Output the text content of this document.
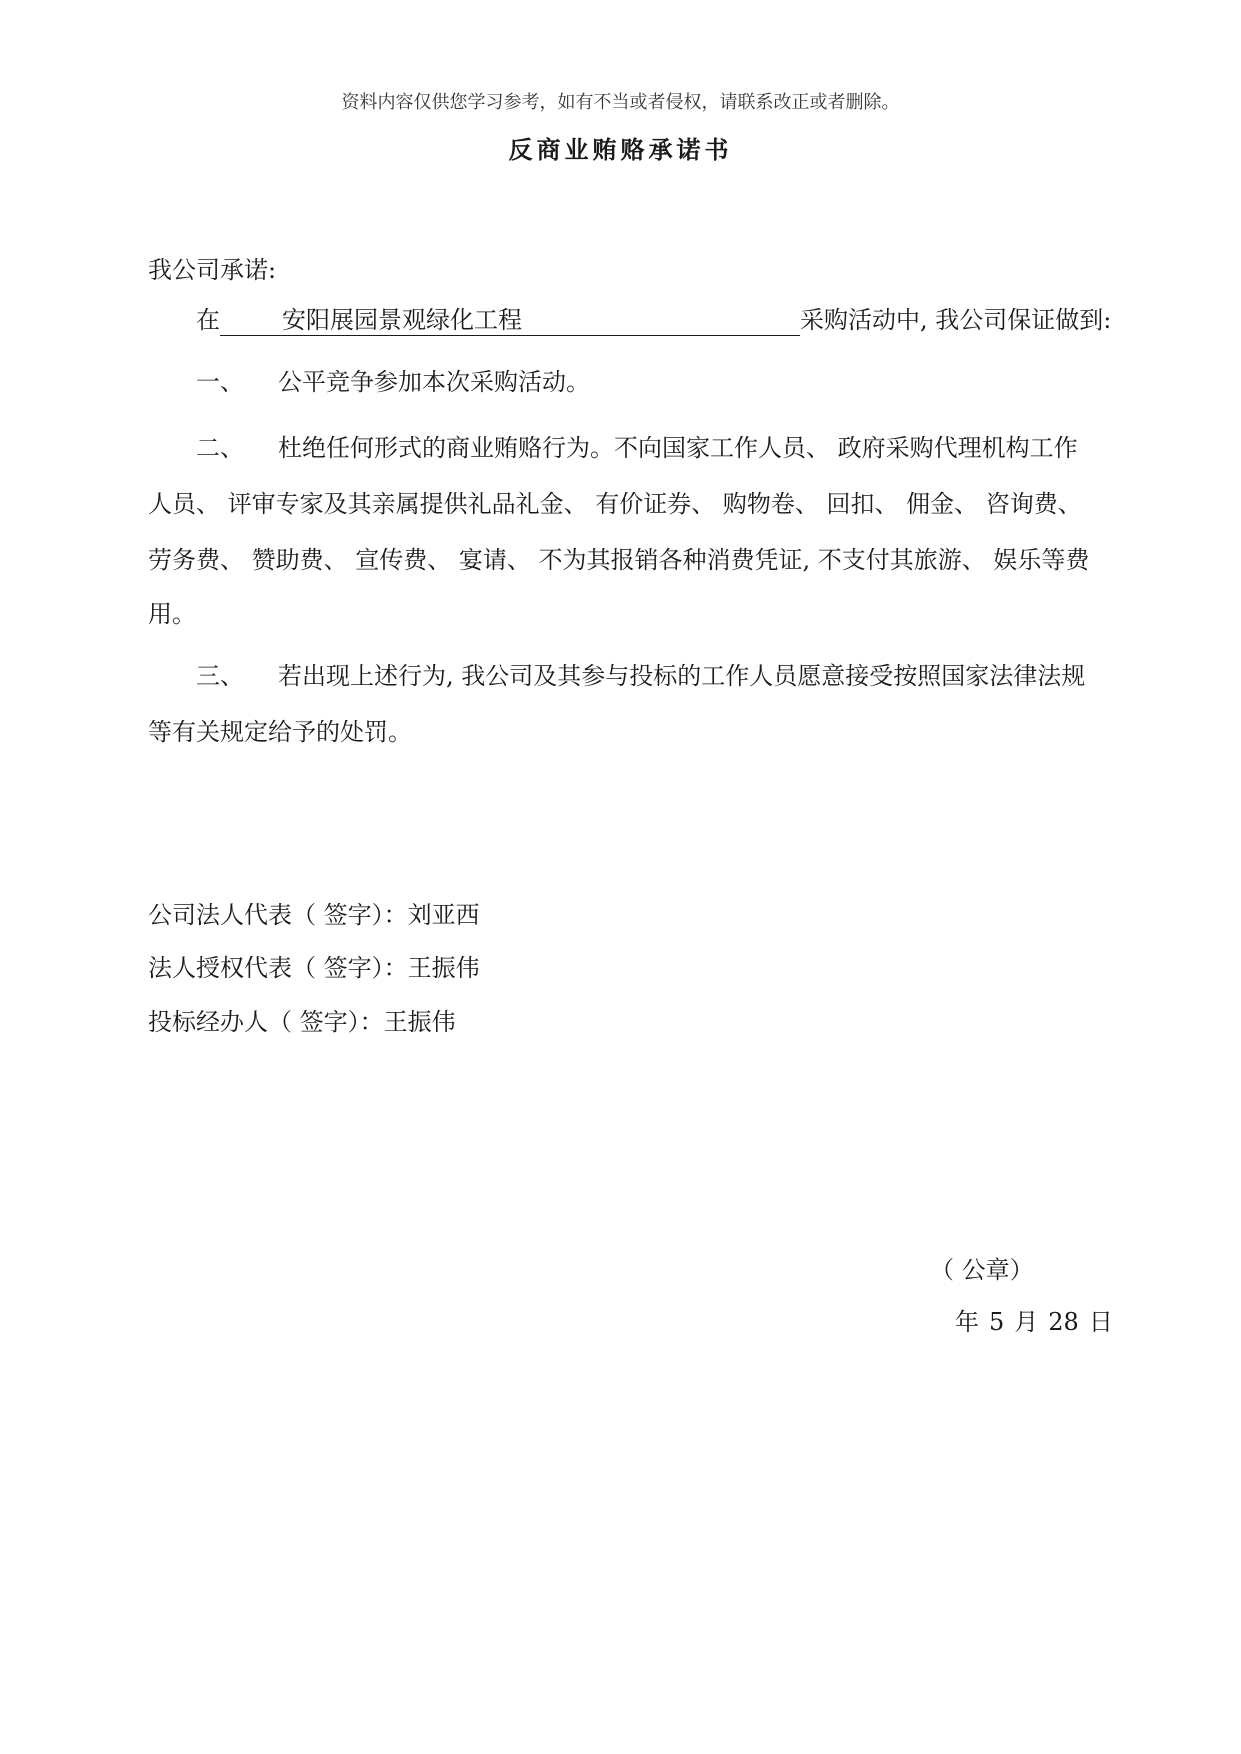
资料内容仅供您学习参考，如有不当或者侵权，请联系改正或者删除。
反商业贿赂承诺书
我公司承诺:
在	安阳展园景观绿化工程	采购活动中, 我公司保证做到:
一、 公平竞争参加本次采购活动。
二、 杜绝任何形式的商业贿赂行为。不向国家工作人员、 政府采购代理机构工作
人员、 评审专家及其亲属提供礼品礼金、 有价证券、 购物卷、 回扣、 佣金、 咨询费、
劳务费、 赞助费、 宣传费、 宴请、 不为其报销各种消费凭证, 不支付其旅游、 娱乐等费
用。
三、 若出现上述行为, 我公司及其参与投标的工作人员愿意接受按照国家法律法规
等有关规定给予的处罚。
公司法人代表（ 签字）：刘亚西
法人授权代表（ 签字）：王振伟
投标经办人（ 签字）：王振伟
（ 公章）
年 5 月 28 日
